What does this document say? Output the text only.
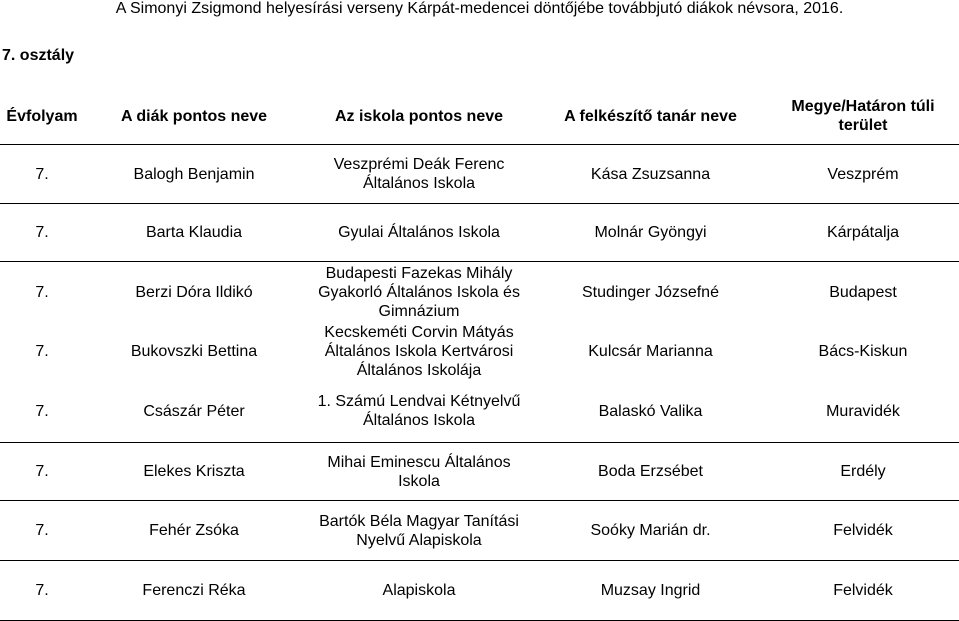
A Simonyi Zsigmond helyesírási verseny Kárpát-medencei döntőjébe továbbjutó diákok névsora, 2016.
7. osztály
Évfolyam	A diák pontos neve	Az iskola pontos neve	A felkészítő tanár neve	Megye/Határon túli terület
7.	Balogh Benjamin	Veszprémi Deák Ferenc Általános Iskola	Kása Zsuzsanna	Veszprém
7.	Barta Klaudia	Gyulai Általános Iskola	Molnár Gyöngyi	Kárpátalja
7.	Berzi Dóra Ildikó	Budapesti Fazekas Mihály Gyakorló Általános Iskola és Gimnázium	Studinger Józsefné	Budapest
7.	Bukovszki Bettina	Kecskeméti Corvin Mátyás Általános Iskola Kertvárosi Általános Iskolája	Kulcsár Marianna	Bács-Kiskun
7.	Császár Péter	1. Számú Lendvai Kétnyelvű Általános Iskola	Balaskó Valika	Muravidék
7.	Elekes Kriszta	Mihai Eminescu Általános Iskola	Boda Erzsébet	Erdély
7.	Fehér Zsóka	Bartók Béla Magyar Tanítási Nyelvű Alapiskola	Soóky Marián dr.	Felvidék
7.	Ferenczi Réka	Alapiskola	Muzsay Ingrid	Felvidék
